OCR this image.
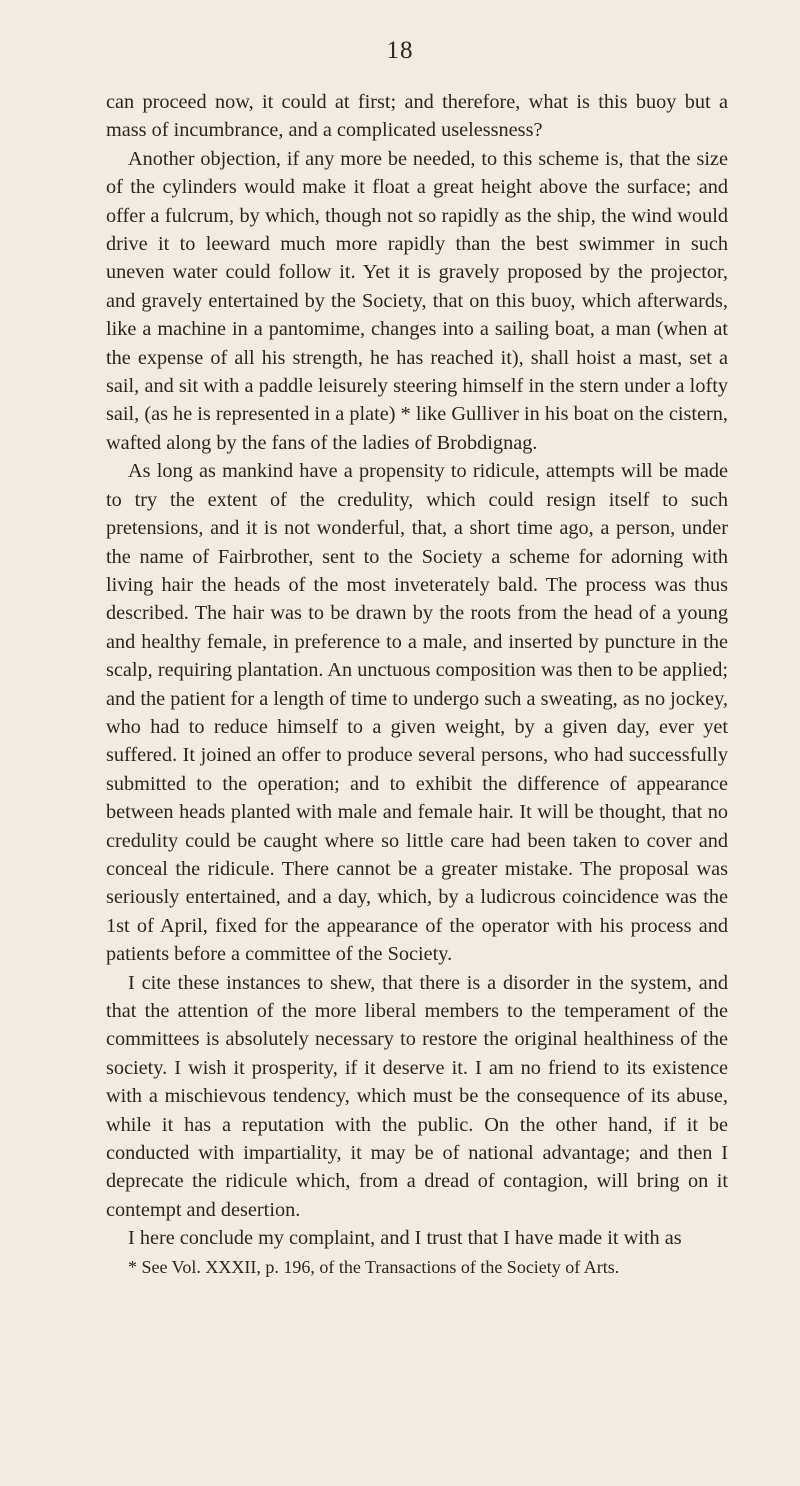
18

can proceed now, it could at first; and therefore, what is this buoy but a mass of incumbrance, and a complicated uselessness?

Another objection, if any more be needed, to this scheme is, that the size of the cylinders would make it float a great height above the surface; and offer a fulcrum, by which, though not so rapidly as the ship, the wind would drive it to leeward much more rapidly than the best swimmer in such uneven water could follow it. Yet it is gravely proposed by the projector, and gravely entertained by the Society, that on this buoy, which afterwards, like a machine in a pantomime, changes into a sailing boat, a man (when at the expense of all his strength, he has reached it), shall hoist a mast, set a sail, and sit with a paddle leisurely steering himself in the stern under a lofty sail, (as he is represented in a plate) * like Gulliver in his boat on the cistern, wafted along by the fans of the ladies of Brobdignag.

As long as mankind have a propensity to ridicule, attempts will be made to try the extent of the credulity, which could resign itself to such pretensions, and it is not wonderful, that, a short time ago, a person, under the name of Fairbrother, sent to the Society a scheme for adorning with living hair the heads of the most inveterately bald. The process was thus described. The hair was to be drawn by the roots from the head of a young and healthy female, in preference to a male, and inserted by puncture in the scalp, requiring plantation. An unctuous composition was then to be applied; and the patient for a length of time to undergo such a sweating, as no jockey, who had to reduce himself to a given weight, by a given day, ever yet suffered. It joined an offer to produce several persons, who had successfully submitted to the operation; and to exhibit the difference of appearance between heads planted with male and female hair. It will be thought, that no credulity could be caught where so little care had been taken to cover and conceal the ridicule. There cannot be a greater mistake. The proposal was seriously entertained, and a day, which, by a ludicrous coincidence was the 1st of April, fixed for the appearance of the operator with his process and patients before a committee of the Society.

I cite these instances to shew, that there is a disorder in the system, and that the attention of the more liberal members to the temperament of the committees is absolutely necessary to restore the original healthiness of the society. I wish it prosperity, if it deserve it. I am no friend to its existence with a mischievous tendency, which must be the consequence of its abuse, while it has a reputation with the public. On the other hand, if it be conducted with impartiality, it may be of national advantage; and then I deprecate the ridicule which, from a dread of contagion, will bring on it contempt and desertion.

I here conclude my complaint, and I trust that I have made it with as

* See Vol. XXXII, p. 196, of the Transactions of the Society of Arts.
